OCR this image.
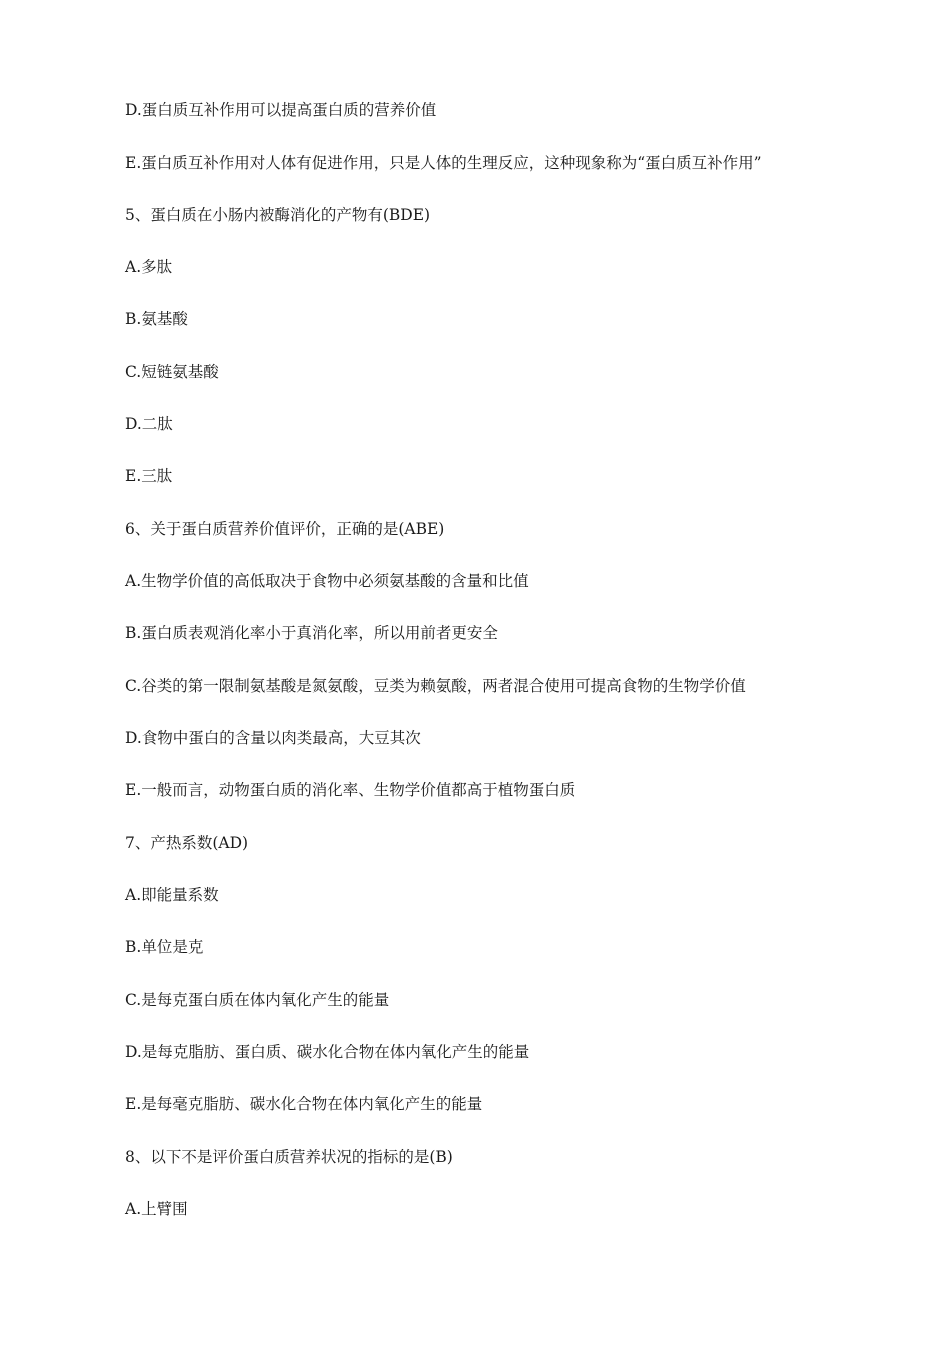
D.蛋白质互补作用可以提高蛋白质的营养价值

E.蛋白质互补作用对人体有促进作用，只是人体的生理反应，这种现象称为“蛋白质互补作用”

5、蛋白质在小肠内被酶消化的产物有(BDE)

A.多肽

B.氨基酸

C.短链氨基酸

D.二肽

E.三肽

6、关于蛋白质营养价值评价，正确的是(ABE)

A.生物学价值的高低取决于食物中必须氨基酸的含量和比值

B.蛋白质表观消化率小于真消化率，所以用前者更安全

C.谷类的第一限制氨基酸是氮氨酸，豆类为赖氨酸，两者混合使用可提高食物的生物学价值

D.食物中蛋白的含量以肉类最高，大豆其次

E.一般而言，动物蛋白质的消化率、生物学价值都高于植物蛋白质

7、产热系数(AD)

A.即能量系数

B.单位是克

C.是每克蛋白质在体内氧化产生的能量

D.是每克脂肪、蛋白质、碳水化合物在体内氧化产生的能量

E.是每毫克脂肪、碳水化合物在体内氧化产生的能量

8、以下不是评价蛋白质营养状况的指标的是(B)

A.上臂围
